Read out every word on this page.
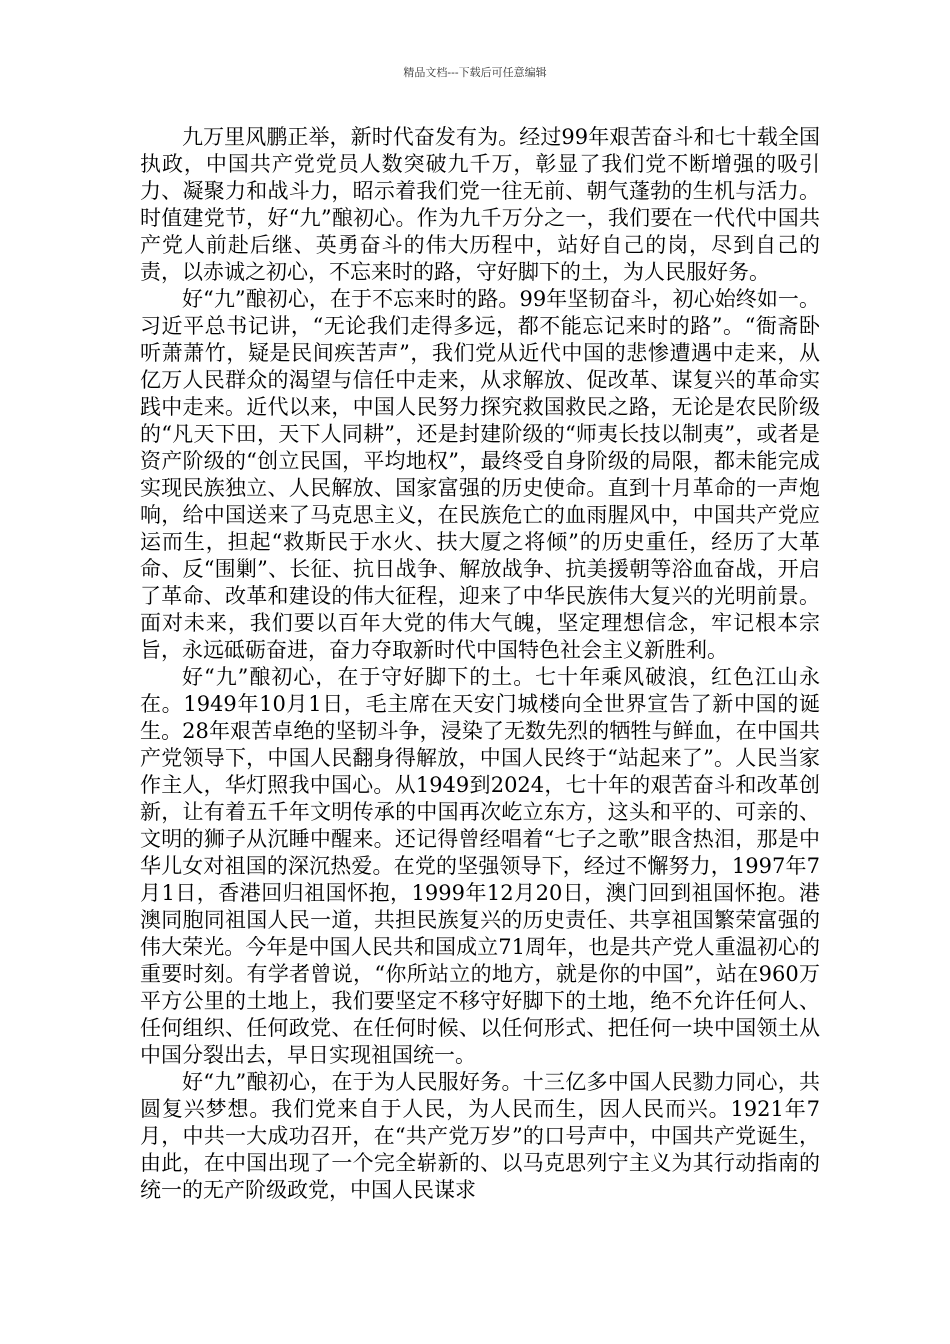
精品文档---下载后可任意编辑

九万里风鹏正举，新时代奋发有为。经过99年艰苦奋斗和七十载全国执政，中国共产党党员人数突破九千万，彰显了我们党不断增强的吸引力、凝聚力和战斗力，昭示着我们党一往无前、朝气蓬勃的生机与活力。时值建党节，好“九”酿初心。作为九千万分之一，我们要在一代代中国共产党人前赴后继、英勇奋斗的伟大历程中，站好自己的岗，尽到自己的责，以赤诚之初心，不忘来时的路，守好脚下的土，为人民服好务。

好“九”酿初心，在于不忘来时的路。99年坚韧奋斗，初心始终如一。习近平总书记讲，“无论我们走得多远，都不能忘记来时的路”。“衙斋卧听萧萧竹，疑是民间疾苦声”，我们党从近代中国的悲惨遭遇中走来，从亿万人民群众的渴望与信任中走来，从求解放、促改革、谋复兴的革命实践中走来。近代以来，中国人民努力探究救国救民之路，无论是农民阶级的“凡天下田，天下人同耕”，还是封建阶级的“师夷长技以制夷”，或者是资产阶级的“创立民国，平均地权”，最终受自身阶级的局限，都未能完成实现民族独立、人民解放、国家富强的历史使命。直到十月革命的一声炮响，给中国送来了马克思主义，在民族危亡的血雨腥风中，中国共产党应运而生，担起“救斯民于水火、扶大厦之将倾”的历史重任，经历了大革命、反“围剿”、长征、抗日战争、解放战争、抗美援朝等浴血奋战，开启了革命、改革和建设的伟大征程，迎来了中华民族伟大复兴的光明前景。面对未来，我们要以百年大党的伟大气魄，坚定理想信念，牢记根本宗旨，永远砥砺奋进，奋力夺取新时代中国特色社会主义新胜利。

好“九”酿初心，在于守好脚下的土。七十年乘风破浪，红色江山永在。1949年10月1日，毛主席在天安门城楼向全世界宣告了新中国的诞生。28年艰苦卓绝的坚韧斗争，浸染了无数先烈的牺牲与鲜血，在中国共产党领导下，中国人民翻身得解放，中国人民终于“站起来了”。人民当家作主人，华灯照我中国心。从1949到2024，七十年的艰苦奋斗和改革创新，让有着五千年文明传承的中国再次屹立东方，这头和平的、可亲的、文明的狮子从沉睡中醒来。还记得曾经唱着“七子之歌”眼含热泪，那是中华儿女对祖国的深沉热爱。在党的坚强领导下，经过不懈努力，1997年7月1日，香港回归祖国怀抱，1999年12月20日，澳门回到祖国怀抱。港澳同胞同祖国人民一道，共担民族复兴的历史责任、共享祖国繁荣富强的伟大荣光。今年是中国人民共和国成立71周年，也是共产党人重温初心的重要时刻。有学者曾说，“你所站立的地方，就是你的中国”，站在960万平方公里的土地上，我们要坚定不移守好脚下的土地，绝不允许任何人、任何组织、任何政党、在任何时候、以任何形式、把任何一块中国领土从中国分裂出去，早日实现祖国统一。

好“九”酿初心，在于为人民服好务。十三亿多中国人民勠力同心，共圆复兴梦想。我们党来自于人民，为人民而生，因人民而兴。1921年7月，中共一大成功召开，在“共产党万岁”的口号声中，中国共产党诞生，由此，在中国出现了一个完全崭新的、以马克思列宁主义为其行动指南的统一的无产阶级政党，中国人民谋求
